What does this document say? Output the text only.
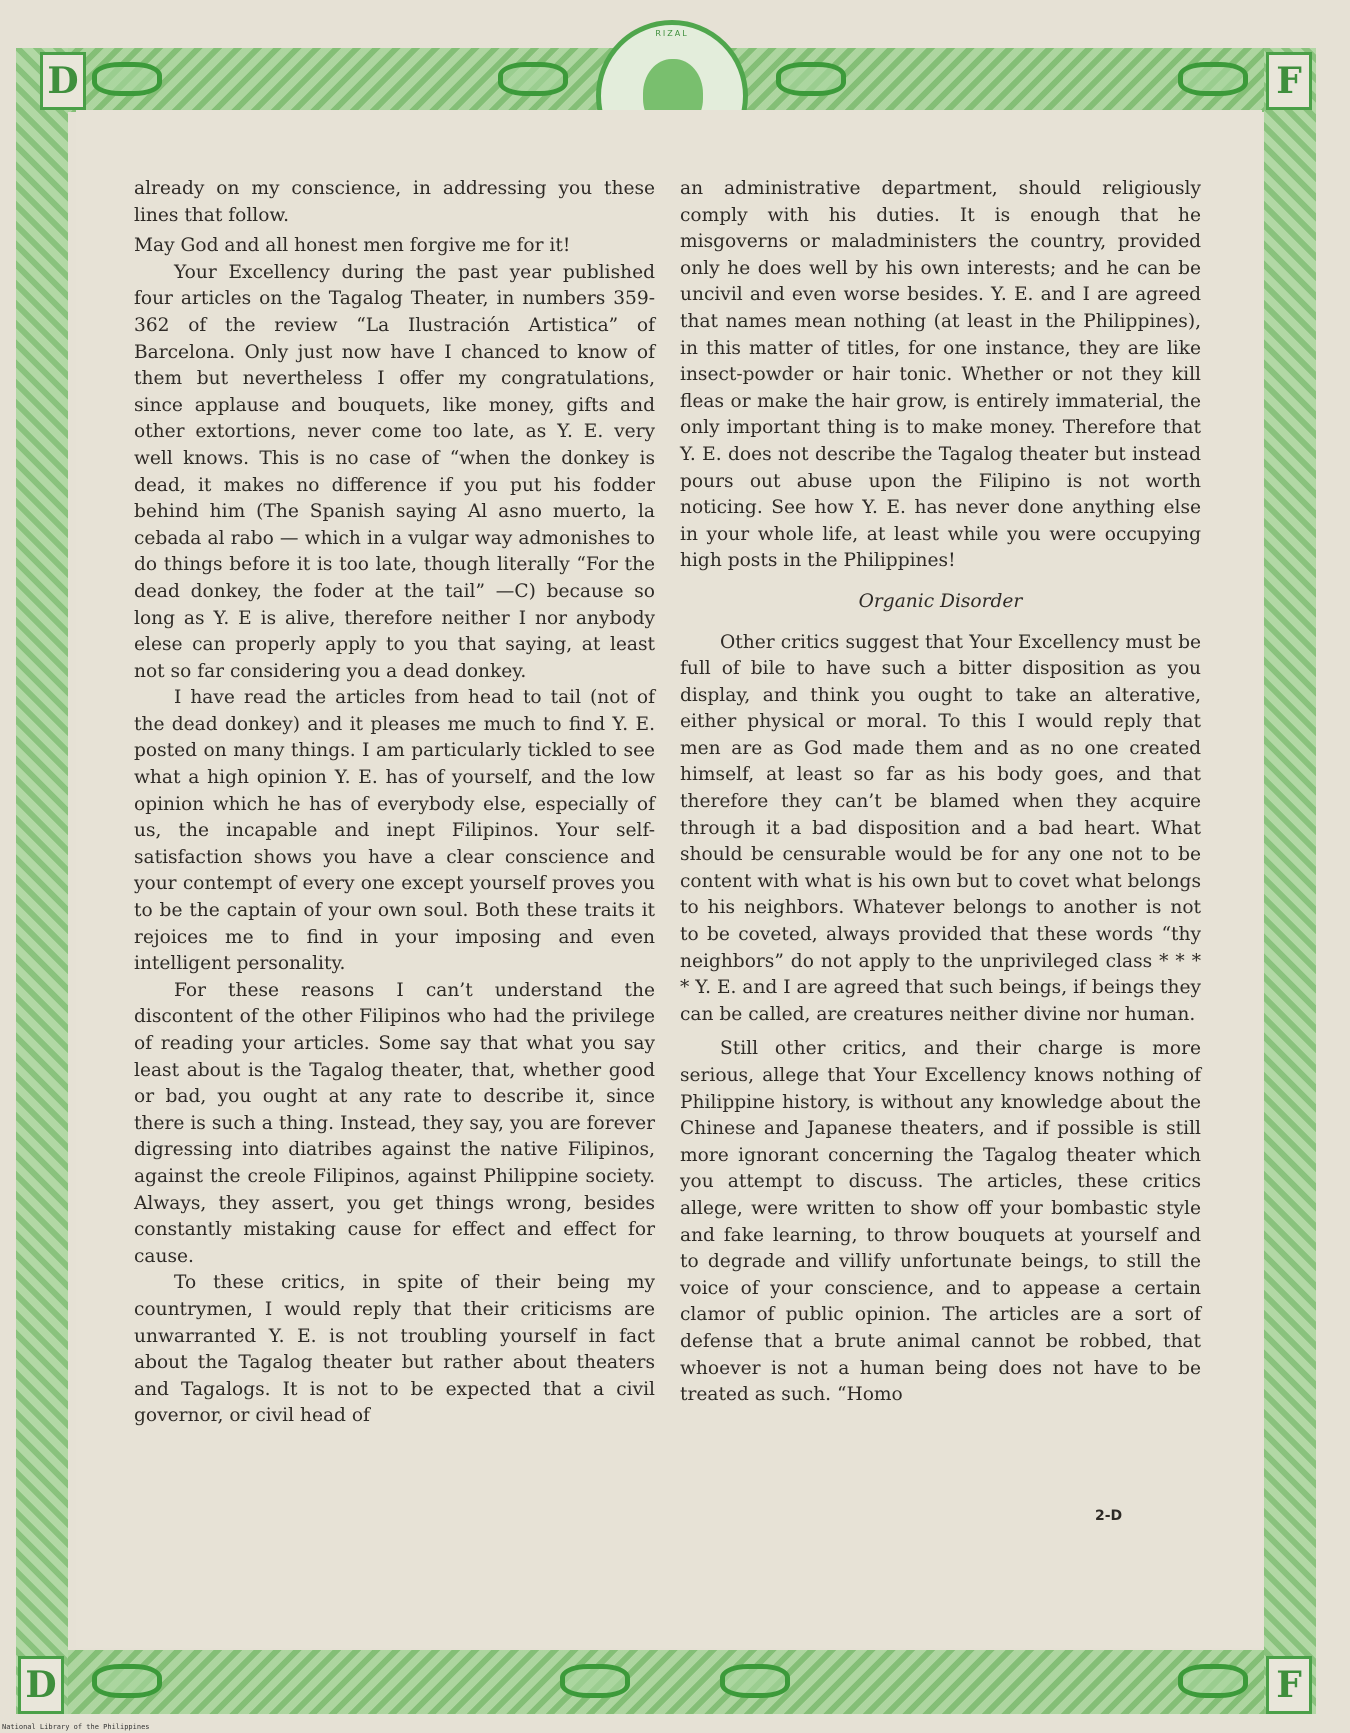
D	F
D	F
RIZAL

already on my conscience, in addressing you these lines that follow.

May God and all honest men forgive me for it!

Your Excellency during the past year published four articles on the Tagalog Theater, in numbers 359-362 of the review “La Ilustración Artistica” of Barcelona. Only just now have I chanced to know of them but nevertheless I offer my congratulations, since applause and bouquets, like money, gifts and other extortions, never come too late, as Y. E. very well knows. This is no case of “when the donkey is dead, it makes no difference if you put his fodder behind him (The Spanish saying Al asno muerto, la cebada al rabo — which in a vulgar way admonishes to do things before it is too late, though literally “For the dead donkey, the foder at the tail” —C) because so long as Y. E is alive, therefore neither I nor anybody elese can properly apply to you that saying, at least not so far considering you a dead donkey.

I have read the articles from head to tail (not of the dead donkey) and it pleases me much to find Y. E. posted on many things. I am particularly tickled to see what a high opinion Y. E. has of yourself, and the low opinion which he has of everybody else, especially of us, the incapable and inept Filipinos. Your self-satisfaction shows you have a clear conscience and your contempt of every one except yourself proves you to be the captain of your own soul. Both these traits it rejoices me to find in your imposing and even intelligent personality.

For these reasons I can’t understand the discontent of the other Filipinos who had the privilege of reading your articles. Some say that what you say least about is the Tagalog theater, that, whether good or bad, you ought at any rate to describe it, since there is such a thing. Instead, they say, you are forever digressing into diatribes against the native Filipinos, against the creole Filipinos, against Philippine society. Always, they assert, you get things wrong, besides constantly mistaking cause for effect and effect for cause.

To these critics, in spite of their being my countrymen, I would reply that their criticisms are unwarranted Y. E. is not troubling yourself in fact about the Tagalog theater but rather about theaters and Tagalogs. It is not to be expected that a civil governor, or civil head of

an administrative department, should religiously comply with his duties. It is enough that he misgoverns or maladministers the country, provided only he does well by his own interests; and he can be uncivil and even worse besides. Y. E. and I are agreed that names mean nothing (at least in the Philippines), in this matter of titles, for one instance, they are like insect-powder or hair tonic. Whether or not they kill fleas or make the hair grow, is entirely immaterial, the only important thing is to make money. Therefore that Y. E. does not describe the Tagalog theater but instead pours out abuse upon the Filipino is not worth noticing. See how Y. E. has never done anything else in your whole life, at least while you were occupying high posts in the Philippines!

Organic Disorder

Other critics suggest that Your Excellency must be full of bile to have such a bitter disposition as you display, and think you ought to take an alterative, either physical or moral. To this I would reply that men are as God made them and as no one created himself, at least so far as his body goes, and that therefore they can’t be blamed when they acquire through it a bad disposition and a bad heart. What should be censurable would be for any one not to be content with what is his own but to covet what belongs to his neighbors. Whatever belongs to another is not to be coveted, always provided that these words “thy neighbors” do not apply to the unprivileged class * * * * Y. E. and I are agreed that such beings, if beings they can be called, are creatures neither divine nor human.

Still other critics, and their charge is more serious, allege that Your Excellency knows nothing of Philippine history, is without any knowledge about the Chinese and Japanese theaters, and if possible is still more ignorant concerning the Tagalog theater which you attempt to discuss. The articles, these critics allege, were written to show off your bombastic style and fake learning, to throw bouquets at yourself and to degrade and villify unfortunate beings, to still the voice of your conscience, and to appease a certain clamor of public opinion. The articles are a sort of defense that a brute animal cannot be robbed, that whoever is not a human being does not have to be treated as such. “Homo

2-D
National Library of the Philippines
